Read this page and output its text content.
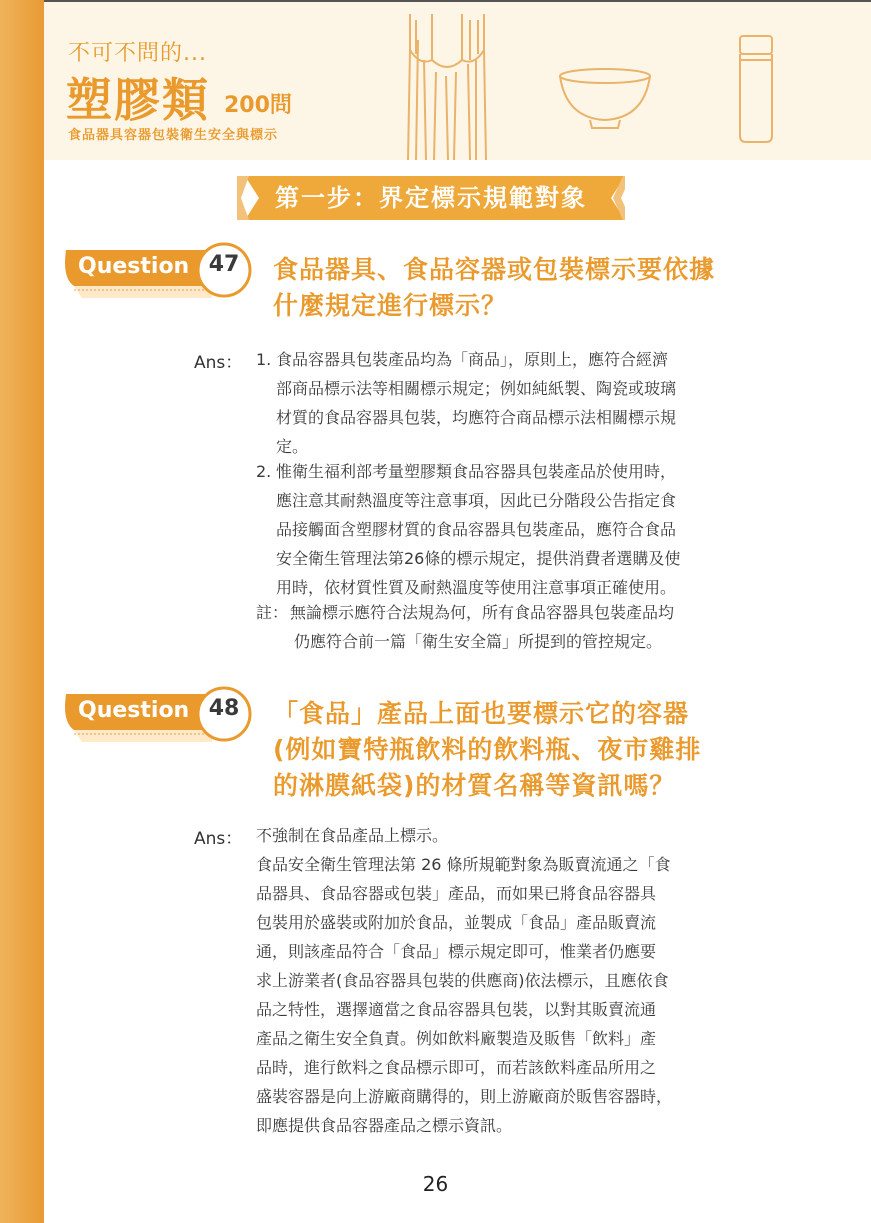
不可不問的...
塑膠類 200問
食品器具容器包裝衛生安全與標示
第一步：界定標示規範對象
Question 47 食品器具、食品容器或包裝標示要依據
什麼規定進行標示？
Ans： 1. 食品容器具包裝產品均為「商品」，原則上，應符合經濟
部商品標示法等相關標示規定；例如純紙製、陶瓷或玻璃
材質的食品容器具包裝，均應符合商品標示法相關標示規
定。
2. 惟衛生福利部考量塑膠類食品容器具包裝產品於使用時，
應注意其耐熱溫度等注意事項，因此已分階段公告指定食
品接觸面含塑膠材質的食品容器具包裝產品，應符合食品
安全衛生管理法第26條的標示規定，提供消費者選購及使
用時，依材質性質及耐熱溫度等使用注意事項正確使用。
註： 無論標示應符合法規為何，所有食品容器具包裝產品均
仍應符合前一篇「衛生安全篇」所提到的管控規定。
Question 48 「食品」產品上面也要標示它的容器
(例如寶特瓶飲料的飲料瓶、夜市雞排
的淋膜紙袋)的材質名稱等資訊嗎？
Ans： 不強制在食品產品上標示。
食品安全衛生管理法第 26 條所規範對象為販賣流通之「食
品器具、食品容器或包裝」產品，而如果已將食品容器具
包裝用於盛裝或附加於食品，並製成「食品」產品販賣流
通，則該產品符合「食品」標示規定即可，惟業者仍應要
求上游業者(食品容器具包裝的供應商)依法標示，且應依食
品之特性，選擇適當之食品容器具包裝，以對其販賣流通
產品之衛生安全負責。例如飲料廠製造及販售「飲料」產
品時，進行飲料之食品標示即可，而若該飲料產品所用之
盛裝容器是向上游廠商購得的，則上游廠商於販售容器時，
即應提供食品容器產品之標示資訊。
26
